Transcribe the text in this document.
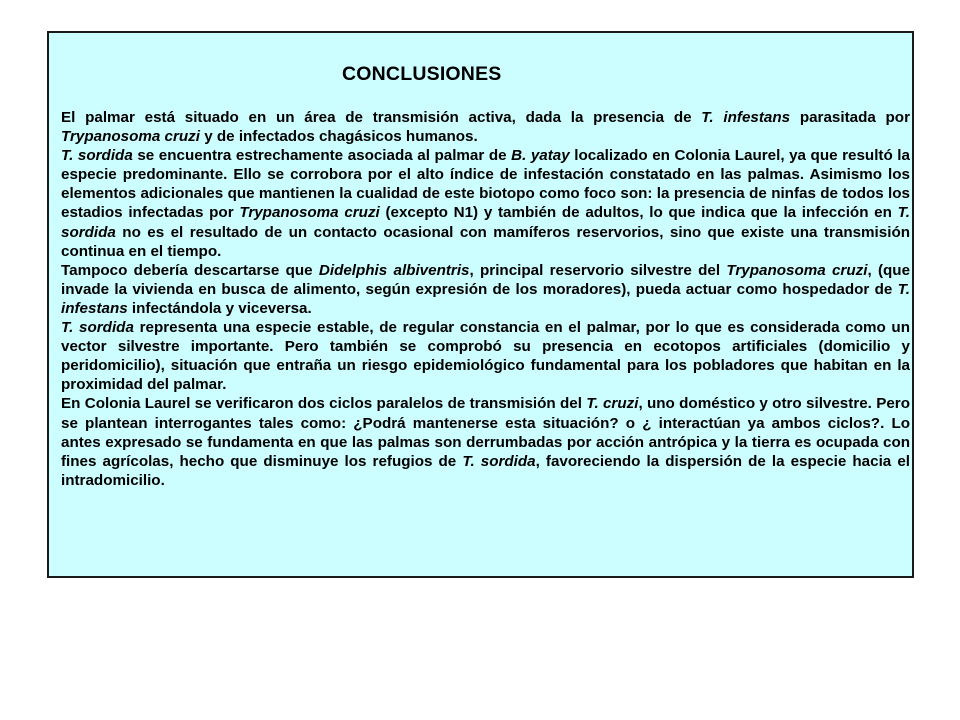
CONCLUSIONES

El palmar está situado en un área de transmisión activa, dada la presencia de T. infestans parasitada por Trypanosoma cruzi y de infectados chagásicos humanos.

T. sordida se encuentra estrechamente asociada al palmar de B. yatay localizado en Colonia Laurel, ya que resultó la especie predominante. Ello se corrobora por el alto índice de infestación constatado en las palmas. Asimismo los elementos adicionales que mantienen la cualidad de este biotopo como foco son: la presencia de ninfas de todos los estadios infectadas por Trypanosoma cruzi (excepto N1) y también de adultos, lo que indica que la infección en T. sordida no es el resultado de un contacto ocasional con mamíferos reservorios, sino que existe una transmisión continua en el tiempo.

Tampoco debería descartarse que Didelphis albiventris, principal reservorio silvestre del Trypanosoma cruzi, (que invade la vivienda en busca de alimento, según expresión de los moradores), pueda actuar como hospedador de T. infestans infectándola y viceversa.

T. sordida representa una especie estable, de regular constancia en el palmar, por lo que es considerada como un vector silvestre importante. Pero también se comprobó su presencia en ecotopos artificiales (domicilio y peridomicilio), situación que entraña un riesgo epidemiológico fundamental para los pobladores que habitan en la proximidad del palmar.

En Colonia Laurel se verificaron dos ciclos paralelos de transmisión del T. cruzi, uno doméstico y otro silvestre. Pero se plantean interrogantes tales como: ¿Podrá mantenerse esta situación? o ¿ interactúan ya ambos ciclos?. Lo antes expresado se fundamenta en que las palmas son derrumbadas por acción antrópica y la tierra es ocupada con fines agrícolas, hecho que disminuye los refugios de T. sordida, favoreciendo la dispersión de la especie hacia el intradomicilio.
